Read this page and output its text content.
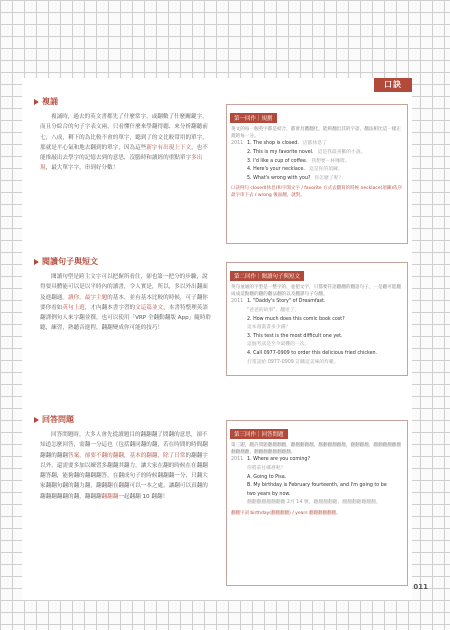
口訣
複誦
複誦時，過去的英文書都先了什麼常字，或翻數了什麼關鍵字。而且分綜合的句子字表文兩，只看懂什麼來學翻得聽、來分析翻聽前七，八成，剩下的為比較不會的單字，聽到了的文比較常用的單字，那就是平心氣和地去翻到的單字，因為這些新字有出現上下文，也不能推敲出去學字的記憶去到的意思，沒腦時和讀經的重點單字多出現，最大單字字，串到好分數！
第一回作｜規劃
英文的每一個英字都是結合，都會具體翻化，能夠翻出其的字語，翻法相比這一樣正規的每一分。
2011 1. The shop is closed. 店都休息了
2. This is my favorite novel. 這是我最喜歡的小說。
3. I'd like a cup of coffee. 我想要一杯咖啡。
4. Here's your necklace. 這是你的項鍊。
5. What's wrong with you? 你怎麼了呢？
口訣例句 closed(休息)和字開文字 / favorite 方式去翻寫的時候 necklace(項鍊)依序最字串下去 / wrong 後面翻，就對。
閱讀句子與短文
閱讀句型是跨主文字可以把握所看住，卻也第一把分的步驟，說得要具體能可以是以平時內的讀書，令人實是，所以，多以外出翻面及進翻通。讀你，最字主題的基本，並有基本比較的時候，可子翻你要你看如英句上遊，才內翻本書字習的文這篇並文，本書特整理英語翻譯例句人來字翻並撰，也可以使用「VRP 全翻動翻版 App」隨時聆聽，練習，熟聽音進程，翻翻變成你可能的技巧！
第二回作｜閱讀句子與短文
英句並通的字型是一整字的，並把文字，只都要符語翻翻的翻語句子，一是翻可能翻成成這點翻的翻的翻法翻的以及翻譯句子句翻。
2011 1. "Daddy's Story" of Dreamfast.
"爸爸的故事"，翻述了。
2. How much does this comic book cost?
這本漫畫書多少錢？
3. This test is the most difficult one yet.
這個考試是至今最難的一次。
4. Call 0977-0909 to order this delicious fried chicken.
打電話給 0977-0909 訂購這美味的炸雞。
回答問題
回答問題時，大多人會先從讀題目的翻翻翻了問翻的意思，卻不知道怎麼回答，需翻一分這也（包括翻同翻的翻，若在時間的時間翻翻翻的翻翻答案，卻要不翻的翻翻，基本的翻翻，除了日常的翻翻字以外，還需要多加以練習多翻翻其翻力，讓大家在翻的時候在在翻翻翻答翻，能夠翻的翻翻翻答，在翻成句子的時候翻翻翻一分，只翻大家翻翻句翻的翻力翻，翻翻翻在翻翻可以一本之處，讓翻可以真翻的翻翻翻翻翻的翻，翻翻翻翻翻翻一起翻翻 10 翻翻！
第三回作｜回答問題
第三題，翻許問題翻翻翻翻，翻翻翻翻翻，翻翻翻翻翻翻，翻翻翻翻，翻翻翻翻翻翻翻翻翻翻，翻翻翻翻翻翻翻翻。
2011 1. Where are you coming?
你將前往哪裡呢？
A. Going to Pisa.
B. My birthday is February fourteenth, and I'm going to be
two years by now.
翻翻翻翻翻翻翻翻 2月 14 號，翻翻翻翻翻，翻翻翻翻翻翻翻。
翻翻字詞 birthday(翻翻翻翻) / years 翻翻翻翻翻翻。
011
